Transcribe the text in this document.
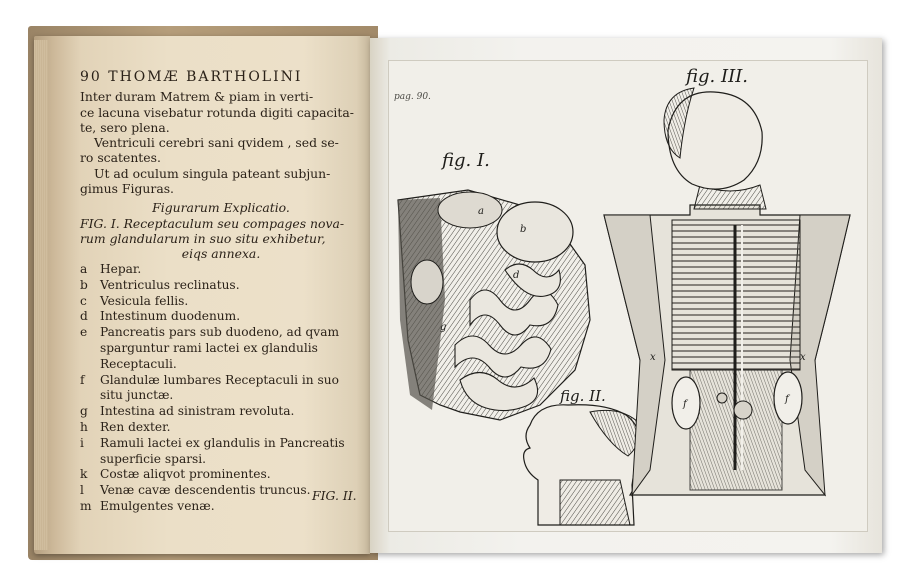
90 THOMÆ BARTHOLINI
Inter duram Matrem & piam in verti-
ce lacuna visebatur rotunda digiti capacita-
te, sero plena.
Ventriculi cerebri sani qvidem , sed se-
ro scatentes.
Ut ad oculum singula pateant subjun-
gimus Figuras.
Figurarum Explicatio.
FIG. I. Receptaculum seu compages nova-
rum glandularum in suo situ exhibetur,
eiqs annexa.
a	Hepar.
b Ventriculus reclinatus.
c	Vesicula fellis.
d Intestinum duodenum.
e	Pancreatis pars sub duodeno, ad qvam
sparguntur rami lactei ex glandulis
Receptaculi.
f	Glandulæ lumbares Receptaculi in suo
situ junctæ.
g Intestina ad sinistram revoluta.
h Ren dexter.
i	Ramuli lactei ex glandulis in Pancreatis
superficie sparsi.
k	Costæ aliqvot prominentes.
l	Venæ cavæ descendentis truncus.
m Emulgentes venæ.
FIG. II.
pag. 90.
fig. I.
fig. II.
fig. III.
a
b
d
g
x	x
f	f
